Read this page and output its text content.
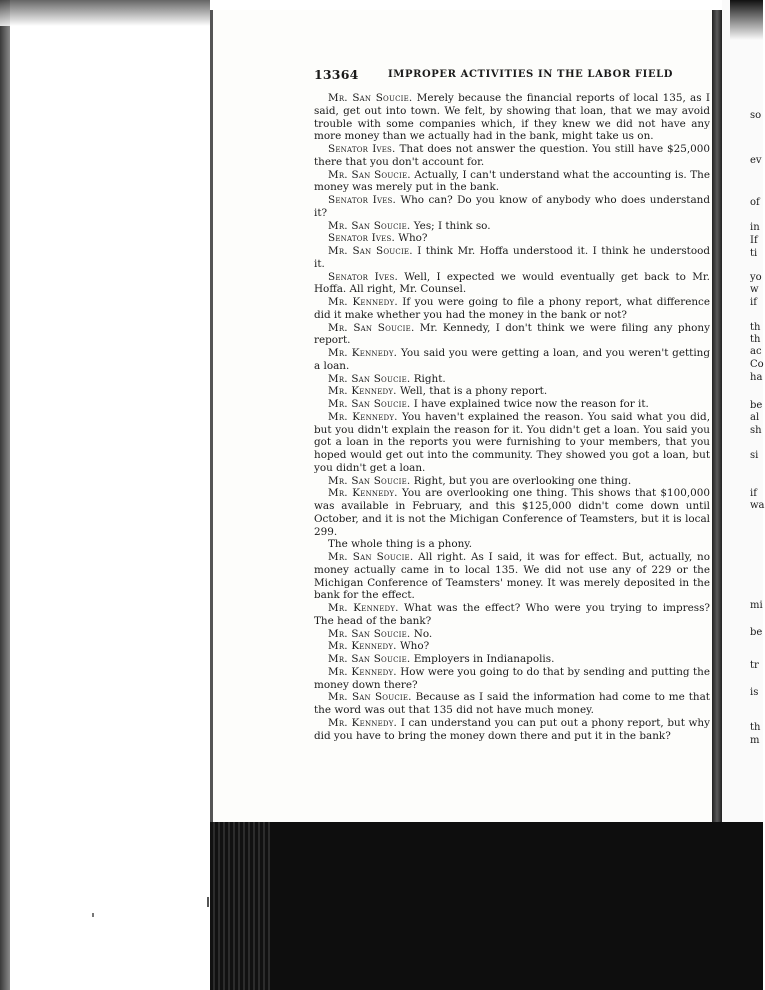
13364	IMPROPER ACTIVITIES IN THE LABOR FIELD

Mr. San Soucie. Merely because the financial reports of local 135, as I said, get out into town. We felt, by showing that loan, that we may avoid trouble with some companies which, if they knew we did not have any more money than we actually had in the bank, might take us on.

Senator Ives. That does not answer the question. You still have $25,000 there that you don't account for.

Mr. San Soucie. Actually, I can't understand what the accounting is. The money was merely put in the bank.

Senator Ives. Who can? Do you know of anybody who does understand it?

Mr. San Soucie. Yes; I think so.

Senator Ives. Who?

Mr. San Soucie. I think Mr. Hoffa understood it. I think he understood it.

Senator Ives. Well, I expected we would eventually get back to Mr. Hoffa. All right, Mr. Counsel.

Mr. Kennedy. If you were going to file a phony report, what difference did it make whether you had the money in the bank or not?

Mr. San Soucie. Mr. Kennedy, I don't think we were filing any phony report.

Mr. Kennedy. You said you were getting a loan, and you weren't getting a loan.

Mr. San Soucie. Right.

Mr. Kennedy. Well, that is a phony report.

Mr. San Soucie. I have explained twice now the reason for it.

Mr. Kennedy. You haven't explained the reason. You said what you did, but you didn't explain the reason for it. You didn't get a loan. You said you got a loan in the reports you were furnishing to your members, that you hoped would get out into the community. They showed you got a loan, but you didn't get a loan.

Mr. San Soucie. Right, but you are overlooking one thing.

Mr. Kennedy. You are overlooking one thing. This shows that $100,000 was available in February, and this $125,000 didn't come down until October, and it is not the Michigan Conference of Teamsters, but it is local 299.

The whole thing is a phony.

Mr. San Soucie. All right. As I said, it was for effect. But, actually, no money actually came in to local 135. We did not use any of 229 or the Michigan Conference of Teamsters' money. It was merely deposited in the bank for the effect.

Mr. Kennedy. What was the effect? Who were you trying to impress? The head of the bank?

Mr. San Soucie. No.

Mr. Kennedy. Who?

Mr. San Soucie. Employers in Indianapolis.

Mr. Kennedy. How were you going to do that by sending and putting the money down there?

Mr. San Soucie. Because as I said the information had come to me that the word was out that 135 did not have much money.

Mr. Kennedy. I can understand you can put out a phony report, but why did you have to bring the money down there and put it in the bank?

so
ev
of
in
If
ti
yo
w
if
th
th
ac
Co
ha
be
al
sh
si
if
wa
mi
be
tr
is
th
m
